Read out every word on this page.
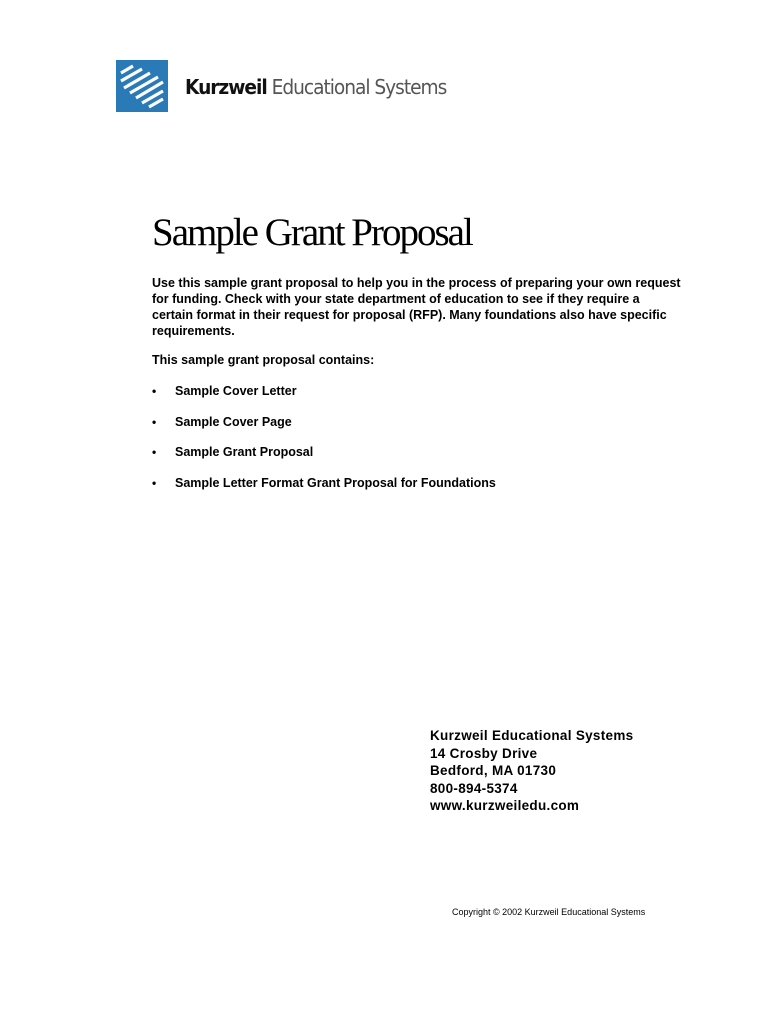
Kurzweil Educational Systems
Sample Grant Proposal

Use this sample grant proposal to help you in the process of preparing your own request for funding. Check with your state department of education to see if they require a certain format in their request for proposal (RFP). Many foundations also have specific requirements.

This sample grant proposal contains:

•	Sample Cover Letter
•	Sample Cover Page
•	Sample Grant Proposal
•	Sample Letter Format Grant Proposal for Foundations
Kurzweil Educational Systems
14 Crosby Drive
Bedford, MA 01730
800-894-5374
www.kurzweiledu.com
Copyright © 2002 Kurzweil Educational Systems
